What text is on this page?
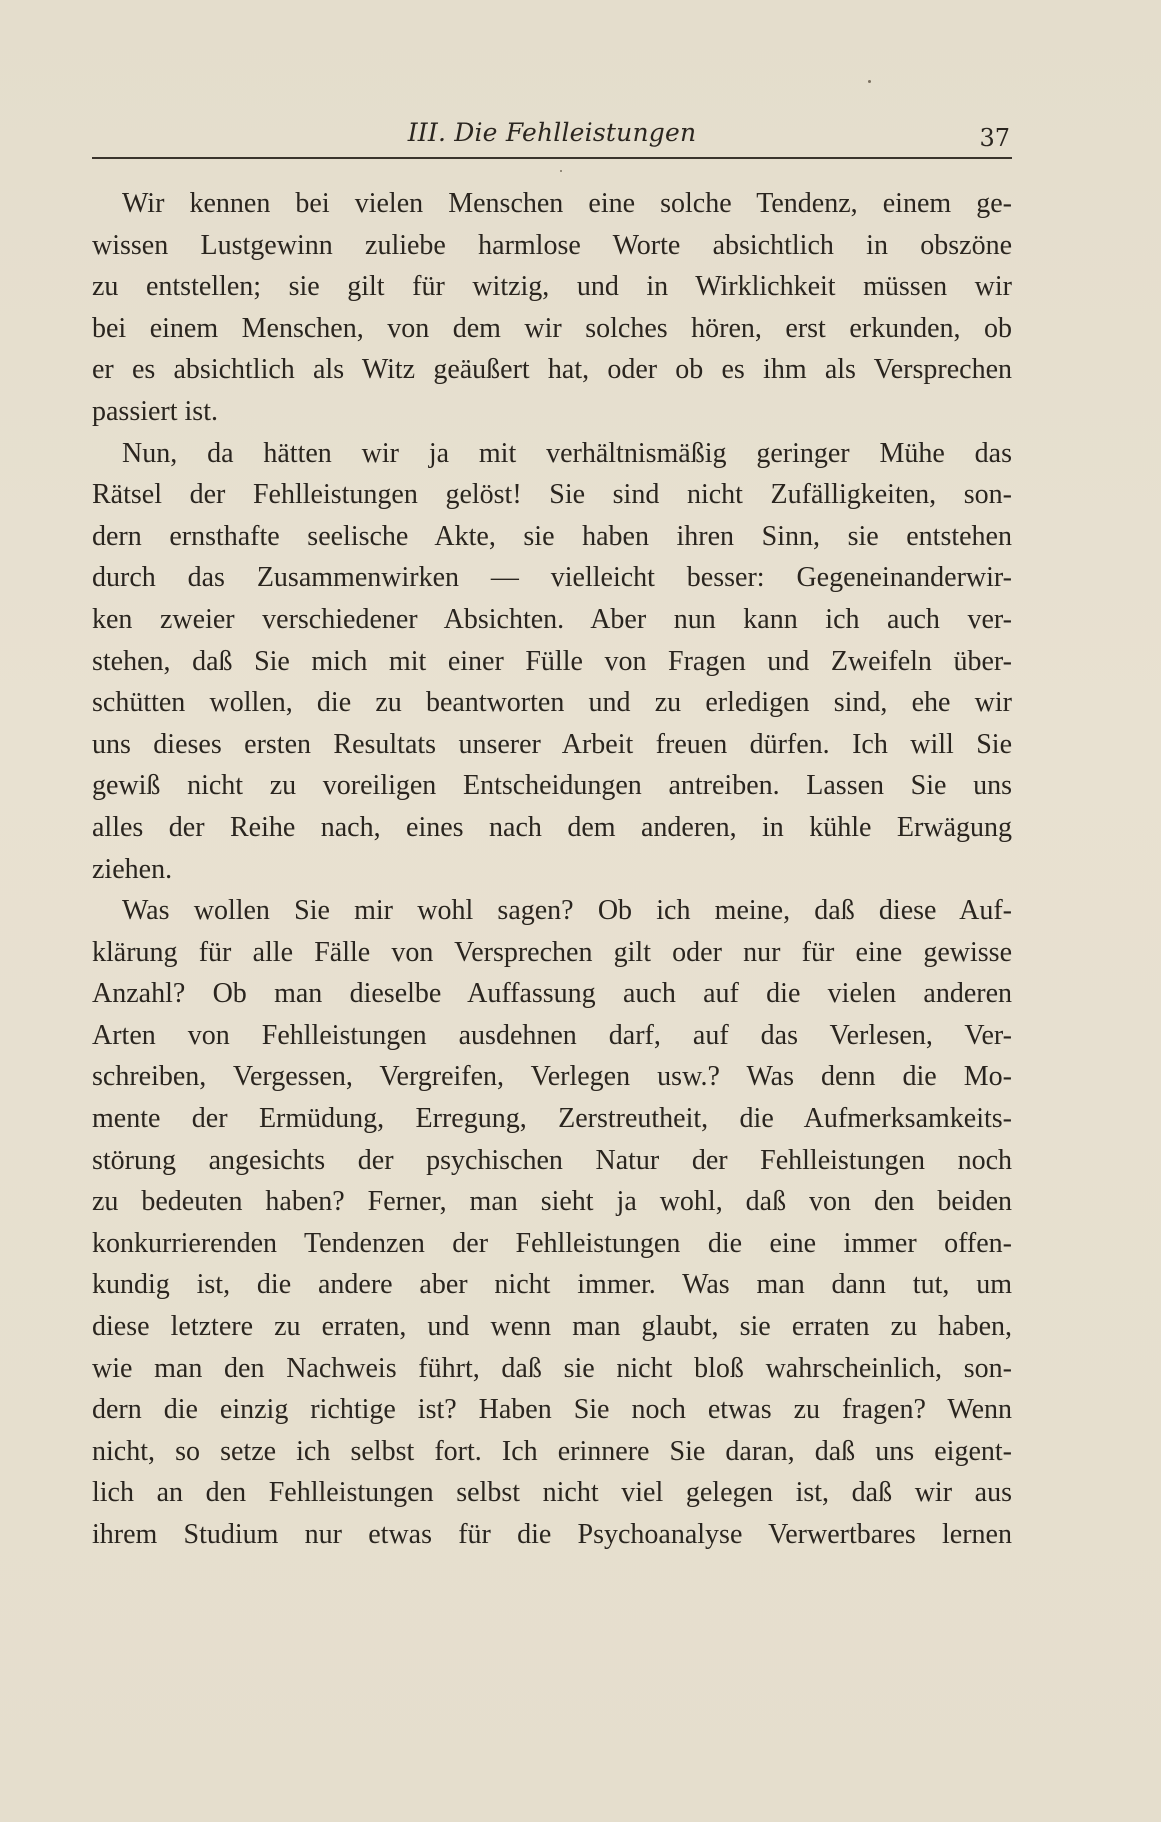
III. Die Fehlleistungen	37
Wir kennen bei vielen Menschen eine solche Tendenz, einem ge-
wissen Lustgewinn zuliebe harmlose Worte absichtlich in obszöne
zu entstellen; sie gilt für witzig, und in Wirklichkeit müssen wir
bei einem Menschen, von dem wir solches hören, erst erkunden, ob
er es absichtlich als Witz geäußert hat, oder ob es ihm als Versprechen
passiert ist.
Nun, da hätten wir ja mit verhältnismäßig geringer Mühe das
Rätsel der Fehlleistungen gelöst! Sie sind nicht Zufälligkeiten, son-
dern ernsthafte seelische Akte, sie haben ihren Sinn, sie entstehen
durch das Zusammenwirken — vielleicht besser: Gegeneinanderwir-
ken zweier verschiedener Absichten. Aber nun kann ich auch ver-
stehen, daß Sie mich mit einer Fülle von Fragen und Zweifeln über-
schütten wollen, die zu beantworten und zu erledigen sind, ehe wir
uns dieses ersten Resultats unserer Arbeit freuen dürfen. Ich will Sie
gewiß nicht zu voreiligen Entscheidungen antreiben. Lassen Sie uns
alles der Reihe nach, eines nach dem anderen, in kühle Erwägung
ziehen.
Was wollen Sie mir wohl sagen? Ob ich meine, daß diese Auf-
klärung für alle Fälle von Versprechen gilt oder nur für eine gewisse
Anzahl? Ob man dieselbe Auffassung auch auf die vielen anderen
Arten von Fehlleistungen ausdehnen darf, auf das Verlesen, Ver-
schreiben, Vergessen, Vergreifen, Verlegen usw.? Was denn die Mo-
mente der Ermüdung, Erregung, Zerstreutheit, die Aufmerksamkeits-
störung angesichts der psychischen Natur der Fehlleistungen noch
zu bedeuten haben? Ferner, man sieht ja wohl, daß von den beiden
konkurrierenden Tendenzen der Fehlleistungen die eine immer offen-
kundig ist, die andere aber nicht immer. Was man dann tut, um
diese letztere zu erraten, und wenn man glaubt, sie erraten zu haben,
wie man den Nachweis führt, daß sie nicht bloß wahrscheinlich, son-
dern die einzig richtige ist? Haben Sie noch etwas zu fragen? Wenn
nicht, so setze ich selbst fort. Ich erinnere Sie daran, daß uns eigent-
lich an den Fehlleistungen selbst nicht viel gelegen ist, daß wir aus
ihrem Studium nur etwas für die Psychoanalyse Verwertbares lernen
